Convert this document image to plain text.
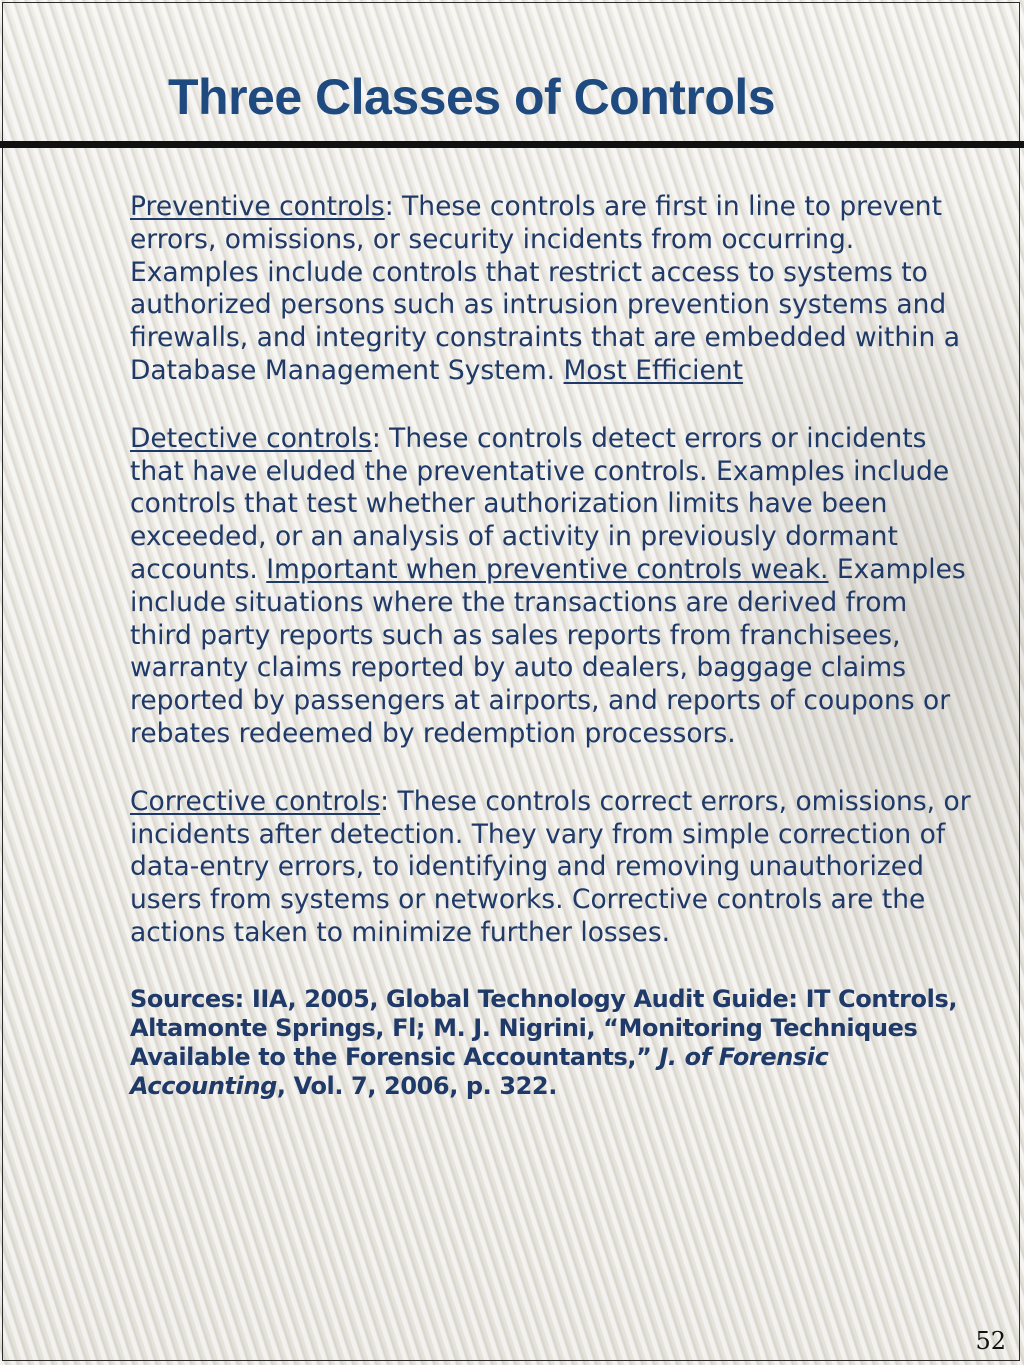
Three Classes of Controls

Preventive controls: These controls are first in line to prevent errors, omissions, or security incidents from occurring. Examples include controls that restrict access to systems to authorized persons such as intrusion prevention systems and firewalls, and integrity constraints that are embedded within a Database Management System. Most Efficient

Detective controls: These controls detect errors or incidents that have eluded the preventative controls. Examples include controls that test whether authorization limits have been exceeded, or an analysis of activity in previously dormant accounts. Important when preventive controls weak. Examples include situations where the transactions are derived from third party reports such as sales reports from franchisees, warranty claims reported by auto dealers, baggage claims reported by passengers at airports, and reports of coupons or rebates redeemed by redemption processors.

Corrective controls: These controls correct errors, omissions, or incidents after detection. They vary from simple correction of data-entry errors, to identifying and removing unauthorized users from systems or networks. Corrective controls are the actions taken to minimize further losses.

Sources: IIA, 2005, Global Technology Audit Guide: IT Controls, Altamonte Springs, Fl; M. J. Nigrini, “Monitoring Techniques Available to the Forensic Accountants,” J. of Forensic Accounting, Vol. 7, 2006, p. 322.

52
